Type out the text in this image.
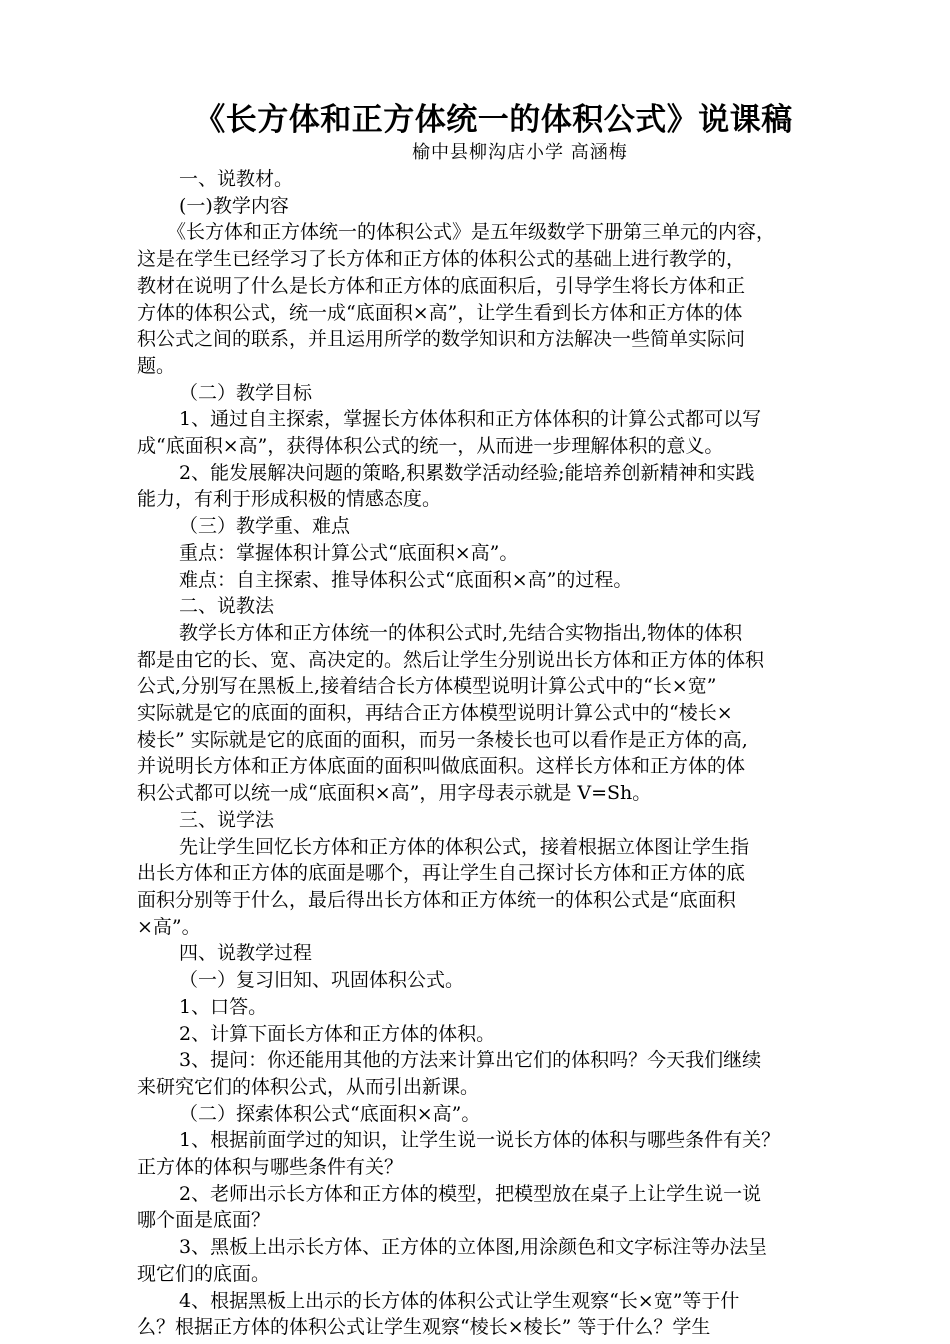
《长方体和正方体统一的体积公式》说课稿

榆中县柳沟店小学 高涵梅

一、说教材。

(一)教学内容

《长方体和正方体统一的体积公式》是五年级数学下册第三单元的内容，

这是在学生已经学习了长方体和正方体的体积公式的基础上进行教学的，

教材在说明了什么是长方体和正方体的底面积后，引导学生将长方体和正

方体的体积公式，统一成“底面积×高”，让学生看到长方体和正方体的体

积公式之间的联系，并且运用所学的数学知识和方法解决一些简单实际问

题。

（二）教学目标

1、通过自主探索，掌握长方体体积和正方体体积的计算公式都可以写

成“底面积×高”，获得体积公式的统一，从而进一步理解体积的意义。

2、能发展解决问题的策略,积累数学活动经验;能培养创新精神和实践

能力，有利于形成积极的情感态度。

（三）教学重、难点

重点：掌握体积计算公式“底面积×高”。

难点：自主探索、推导体积公式“底面积×高”的过程。

二、说教法

教学长方体和正方体统一的体积公式时,先结合实物指出,物体的体积

都是由它的长、宽、高决定的。然后让学生分别说出长方体和正方体的体积

公式,分别写在黑板上,接着结合长方体模型说明计算公式中的“长×宽”

实际就是它的底面的面积，再结合正方体模型说明计算公式中的“棱长×

棱长” 实际就是它的底面的面积，而另一条棱长也可以看作是正方体的高,

并说明长方体和正方体底面的面积叫做底面积。这样长方体和正方体的体

积公式都可以统一成“底面积×高”，用字母表示就是 V=Sh。

三、说学法

先让学生回忆长方体和正方体的体积公式，接着根据立体图让学生指

出长方体和正方体的底面是哪个，再让学生自己探讨长方体和正方体的底

面积分别等于什么，最后得出长方体和正方体统一的体积公式是“底面积

×高”。

四、说教学过程

（一）复习旧知、巩固体积公式。

1、口答。

2、计算下面长方体和正方体的体积。

3、提问：你还能用其他的方法来计算出它们的体积吗？今天我们继续

来研究它们的体积公式，从而引出新课。

（二）探索体积公式“底面积×高”。

1、根据前面学过的知识，让学生说一说长方体的体积与哪些条件有关？

正方体的体积与哪些条件有关？

2、老师出示长方体和正方体的模型，把模型放在桌子上让学生说一说

哪个面是底面？

3、黑板上出示长方体、正方体的立体图,用涂颜色和文字标注等办法呈

现它们的底面。

4、根据黑板上出示的长方体的体积公式让学生观察“长×宽”等于什

么？根据正方体的体积公式让学生观察“棱长×棱长” 等于什么？学生
